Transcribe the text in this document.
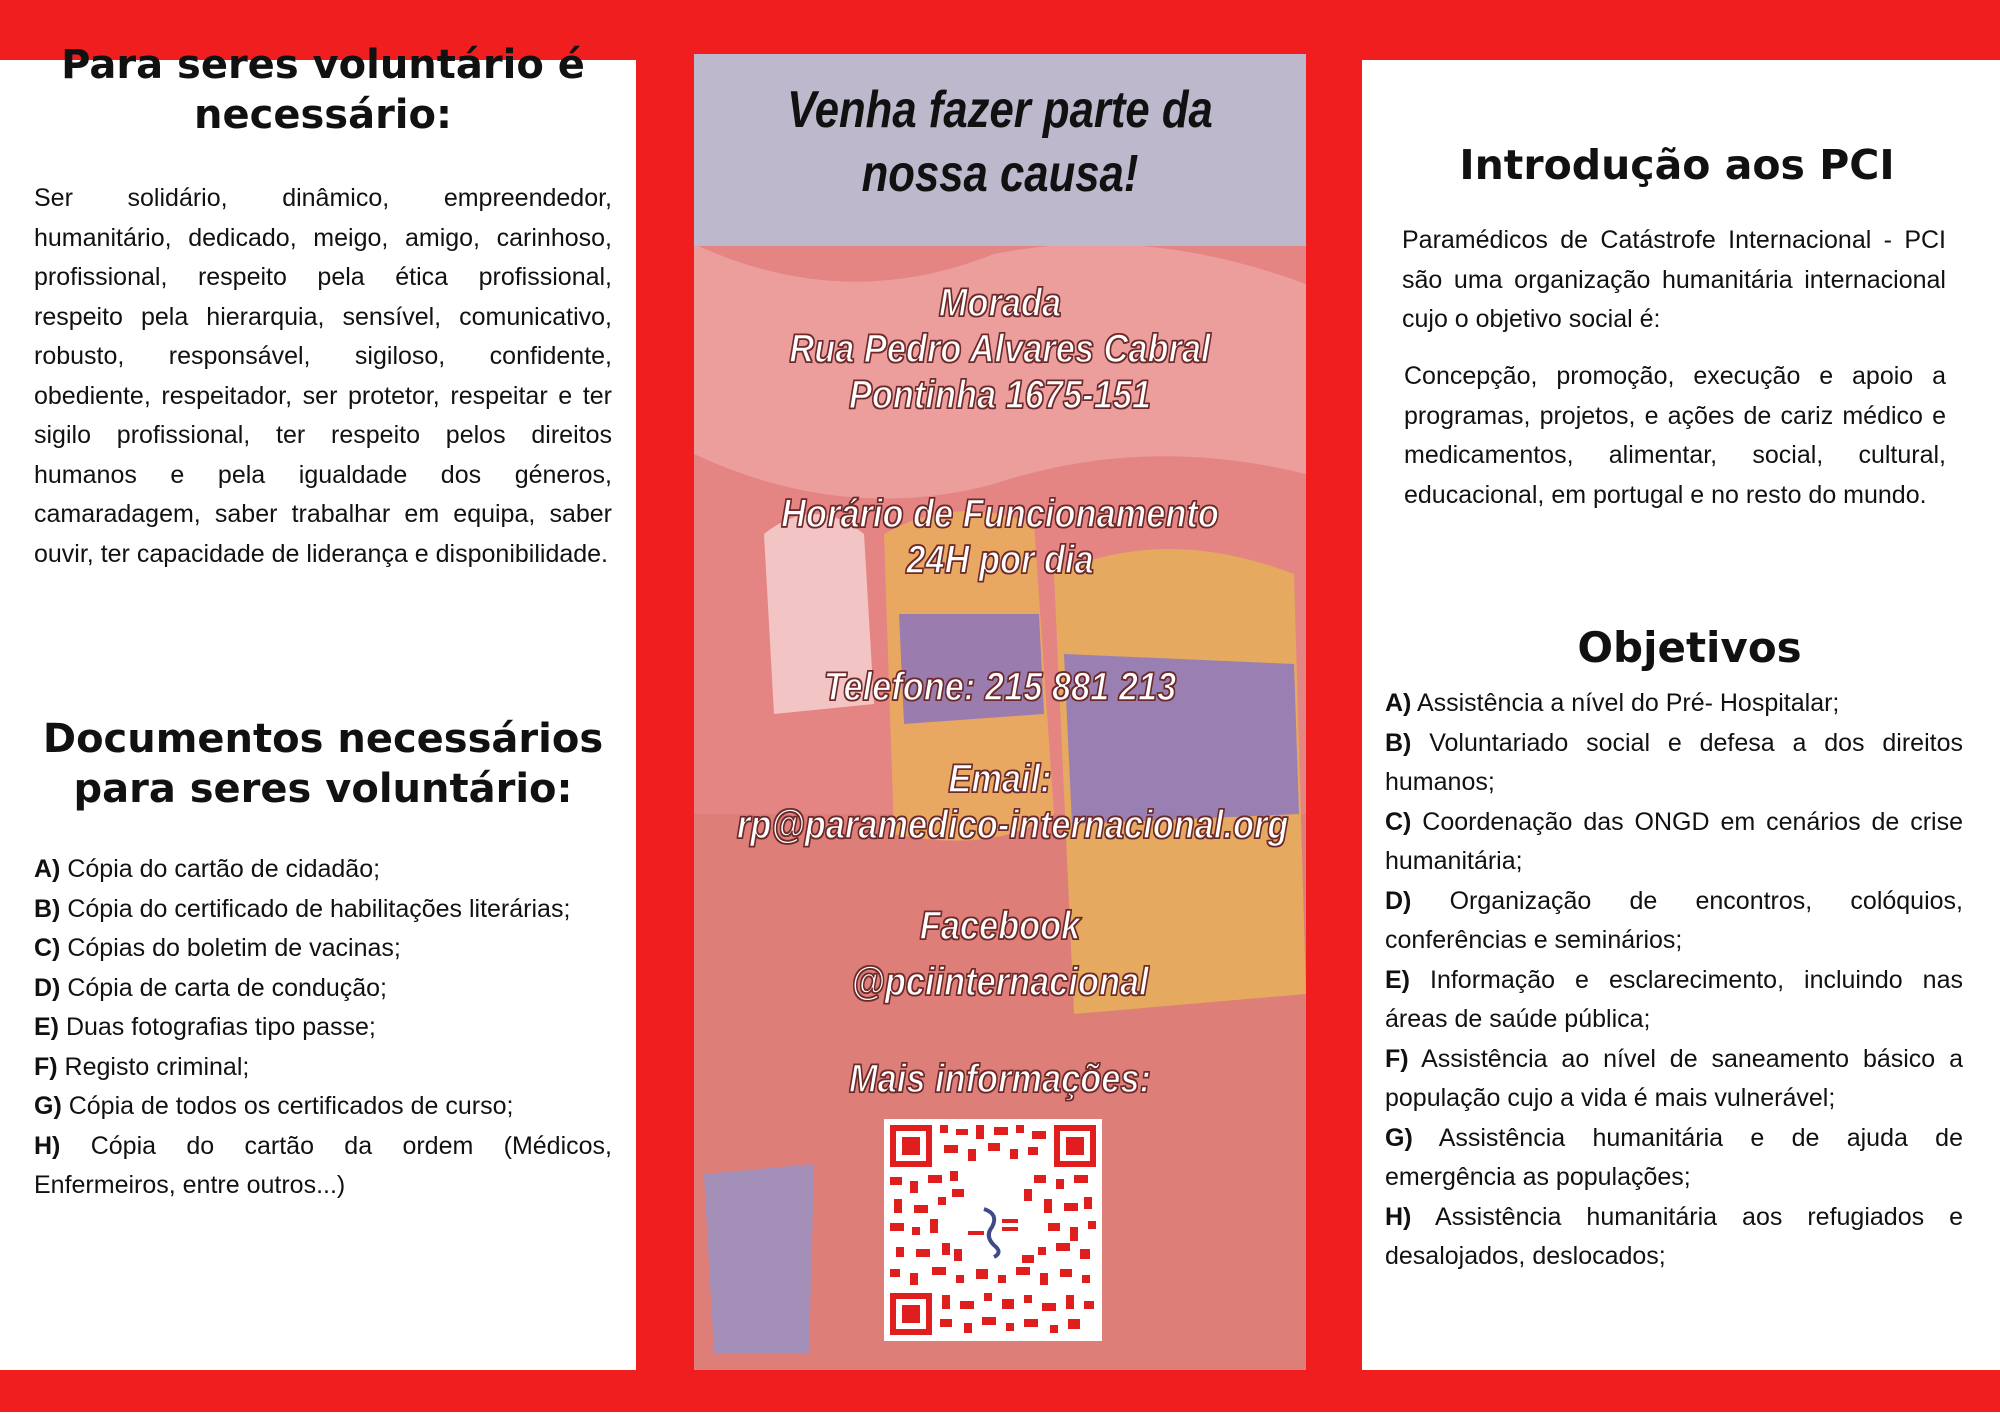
Para seres voluntário é necessário:

Ser solidário, dinâmico, empreendedor, humanitário, dedicado, meigo, amigo, carinhoso, profissional, respeito pela ética profissional, respeito pela hierarquia, sensível, comunicativo, robusto, responsável, sigiloso, confidente, obediente, respeitador, ser protetor, respeitar e ter sigilo profissional, ter respeito pelos direitos humanos e pela igualdade dos géneros, camaradagem, saber trabalhar em equipa, saber ouvir, ter capacidade de liderança e disponibilidade.

Documentos necessários para seres voluntário:
A) Cópia do cartão de cidadão;
B) Cópia do certificado de habilitações literárias;
C) Cópias do boletim de vacinas;
D) Cópia de carta de condução;
E) Duas fotografias tipo passe;
F) Registo criminal;
G) Cópia de todos os certificados de curso;
H) Cópia do cartão da ordem (Médicos, Enfermeiros, entre outros...)
Venha fazer parte da
nossa causa!
Morada
Rua Pedro Alvares Cabral
Pontinha 1675-151
Horário de Funcionamento
24H por dia
Telefone: 215 881 213
Email:
rp@paramedico-internacional.org
Facebook
@pciinternacional
Mais informações:
Introdução aos PCI

Paramédicos de Catástrofe Internacional - PCI são uma organização humanitária internacional cujo o objetivo social é:

Concepção, promoção, execução e apoio a programas, projetos, e ações de cariz médico e medicamentos, alimentar, social, cultural, educacional, em portugal e no resto do mundo.

Objetivos
A) Assistência a nível do Pré- Hospitalar;
B) Voluntariado social e defesa a dos direitos humanos;
C) Coordenação das ONGD em cenários de crise humanitária;
D) Organização de encontros, colóquios, conferências e seminários;
E) Informação e esclarecimento, incluindo nas áreas de saúde pública;
F) Assistência ao nível de saneamento básico a população cujo a vida é mais vulnerável;
G) Assistência humanitária e de ajuda de emergência as populações;
H) Assistência humanitária aos refugiados e desalojados, deslocados;
